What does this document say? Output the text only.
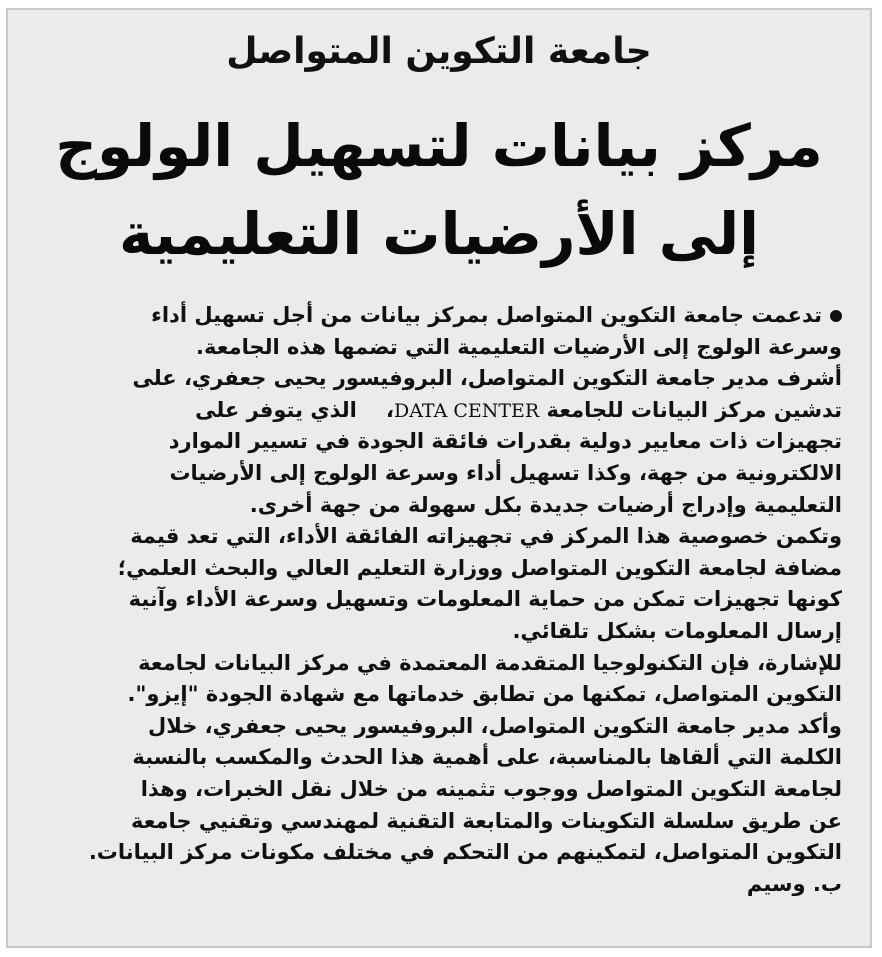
جامعة التكوين المتواصل
مركز بيانات لتسهيل الولوج
إلى الأرضيات التعليمية
تدعمت جامعة التكوين المتواصل بمركز بيانات من أجل تسهيل أداء
وسرعة الولوج إلى الأرضيات التعليمية التي تضمها هذه الجامعة.
أشرف مدير جامعة التكوين المتواصل، البروفيسور يحيى جعفري، على
تدشين مركز البيانات للجامعة DATA CENTER،    الذي يتوفر على
تجهيزات ذات معايير دولية بقدرات فائقة الجودة في تسيير الموارد
الالكترونية من جهة، وكذا تسهيل أداء وسرعة الولوج إلى الأرضيات
التعليمية وإدراج أرضيات جديدة بكل سهولة من جهة أخرى.
وتكمن خصوصية هذا المركز في تجهيزاته الفائقة الأداء، التي تعد قيمة
مضافة لجامعة التكوين المتواصل ووزارة التعليم العالي والبحث العلمي؛
كونها تجهيزات تمكن من حماية المعلومات وتسهيل وسرعة الأداء وآنية
إرسال المعلومات بشكل تلقائي.
للإشارة، فإن التكنولوجيا المتقدمة المعتمدة في مركز البيانات لجامعة
التكوين المتواصل، تمكنها من تطابق خدماتها مع شهادة الجودة "إيزو".
وأكد مدير جامعة التكوين المتواصل، البروفيسور يحيى جعفري، خلال
الكلمة التي ألقاها بالمناسبة، على أهمية هذا الحدث والمكسب بالنسبة
لجامعة التكوين المتواصل ووجوب تثمينه من خلال نقل الخبرات، وهذا
عن طريق سلسلة التكوينات والمتابعة التقنية لمهندسي وتقنيي جامعة
التكوين المتواصل، لتمكينهم من التحكم في مختلف مكونات مركز البيانات.
ب. وسيم
